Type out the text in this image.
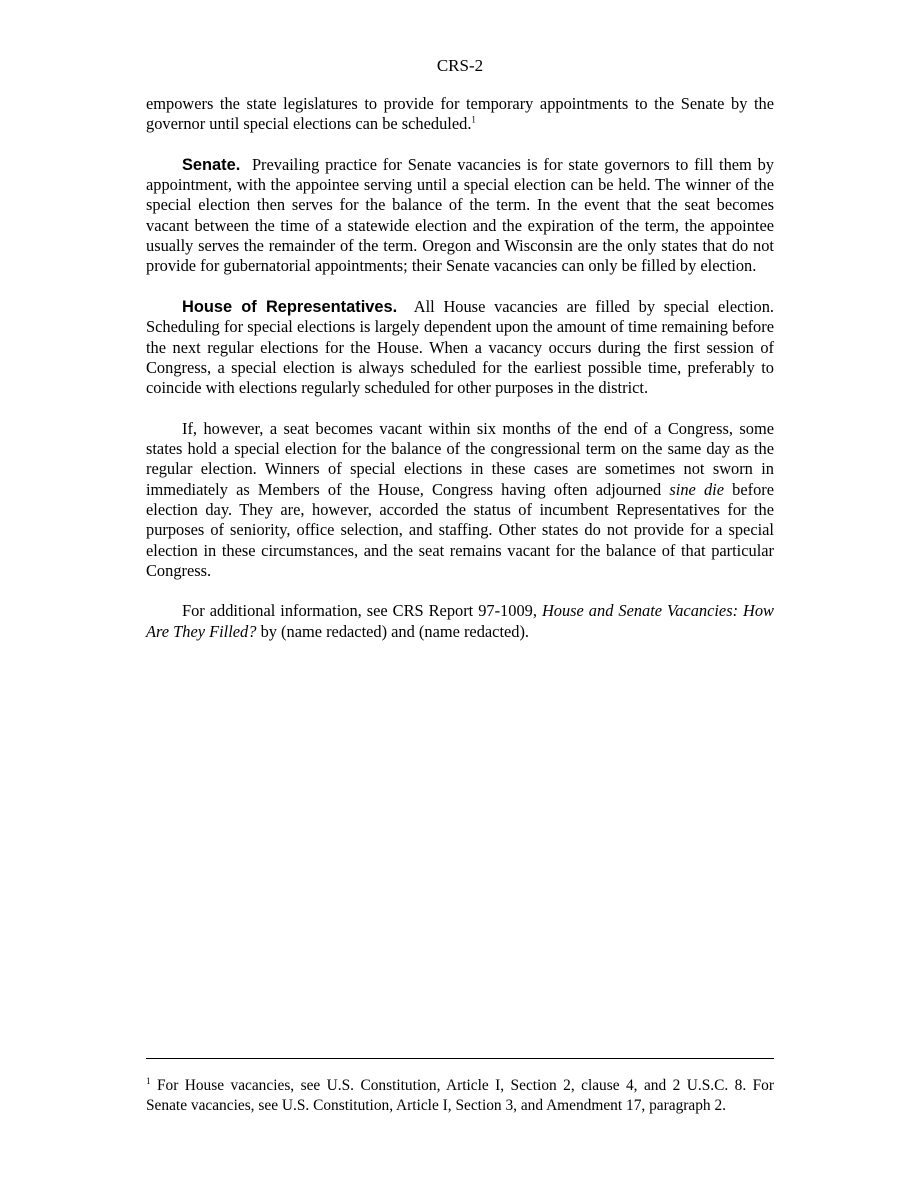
CRS-2

empowers the state legislatures to provide for temporary appointments to the Senate by the governor until special elections can be scheduled.$^1$

Senate. Prevailing practice for Senate vacancies is for state governors to fill them by appointment, with the appointee serving until a special election can be held. The winner of the special election then serves for the balance of the term. In the event that the seat becomes vacant between the time of a statewide election and the expiration of the term, the appointee usually serves the remainder of the term. Oregon and Wisconsin are the only states that do not provide for gubernatorial appointments; their Senate vacancies can only be filled by election.

House of Representatives. All House vacancies are filled by special election. Scheduling for special elections is largely dependent upon the amount of time remaining before the next regular elections for the House. When a vacancy occurs during the first session of Congress, a special election is always scheduled for the earliest possible time, preferably to coincide with elections regularly scheduled for other purposes in the district.

If, however, a seat becomes vacant within six months of the end of a Congress, some states hold a special election for the balance of the congressional term on the same day as the regular election. Winners of special elections in these cases are sometimes not sworn in immediately as Members of the House, Congress having often adjourned sine die before election day. They are, however, accorded the status of incumbent Representatives for the purposes of seniority, office selection, and staffing. Other states do not provide for a special election in these circumstances, and the seat remains vacant for the balance of that particular Congress.

For additional information, see CRS Report 97-1009, House and Senate Vacancies: How Are They Filled? by (name redacted) and (name redacted).

$^1$ For House vacancies, see U.S. Constitution, Article I, Section 2, clause 4, and 2 U.S.C. 8. For Senate vacancies, see U.S. Constitution, Article I, Section 3, and Amendment 17, paragraph 2.
